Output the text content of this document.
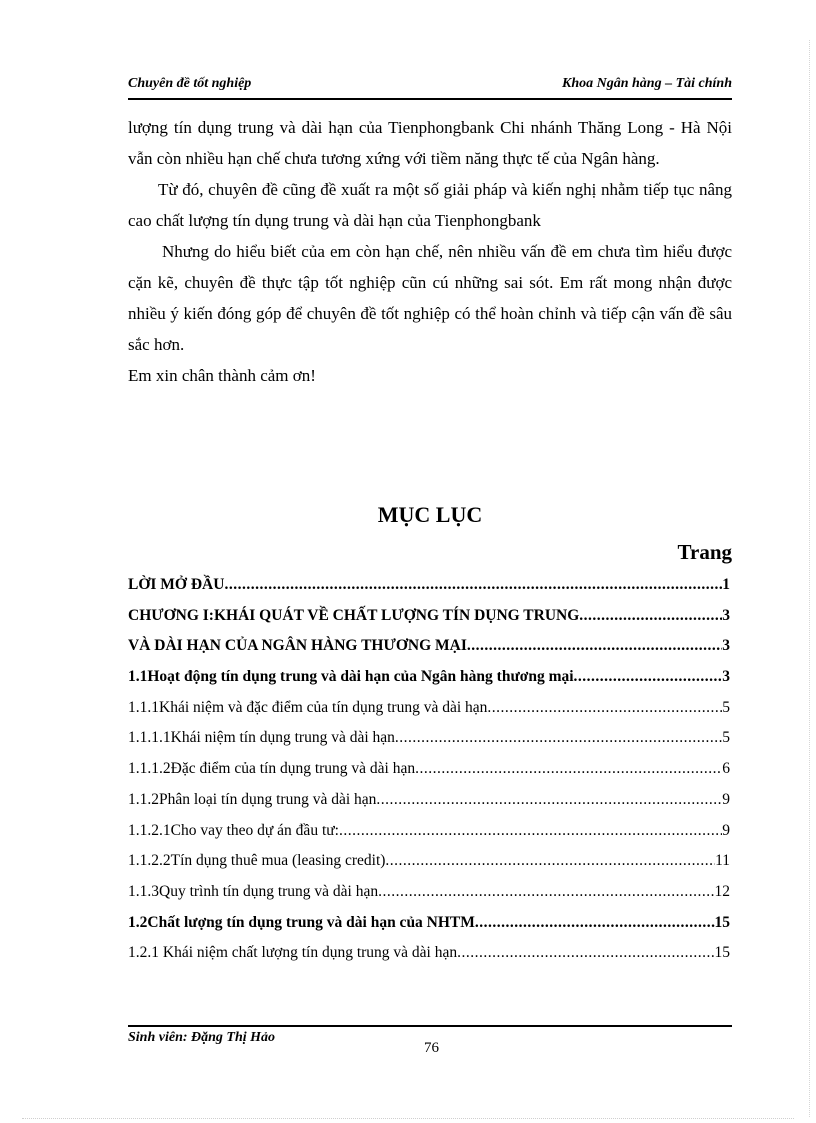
Chuyên đề tốt nghiệp	Khoa Ngân hàng – Tài chính

lượng tín dụng trung và dài hạn của Tienphongbank Chi nhánh Thăng Long - Hà Nội vẫn còn nhiều hạn chế chưa tương xứng với tiềm năng thực tế của Ngân hàng.

Từ đó, chuyên đề cũng đề xuất ra một số giải pháp và kiến nghị nhằm tiếp tục nâng cao chất lượng tín dụng trung và dài hạn của Tienphongbank

Nhưng do hiểu biết của em còn hạn chế, nên nhiều vấn đề em chưa tìm hiểu được cặn kẽ, chuyên đề thực tập tốt nghiệp cũn cú những sai sót. Em rất mong nhận được nhiều ý kiến đóng góp để chuyên đề tốt nghiệp có thể hoàn chỉnh và tiếp cận vấn đề sâu sắc hơn.

Em xin chân thành cảm ơn!

MỤC LỤC
Trang
LỜI MỞ ĐẦU .....	1
CHƯƠNG I:KHÁI QUÁT VỀ CHẤT LƯỢNG TÍN DỤNG TRUNG .....	3
VÀ DÀI HẠN CỦA NGÂN HÀNG THƯƠNG MẠI .....	3
1.1Hoạt động tín dụng trung và dài hạn của Ngân hàng thương mại .....	3
1.1.1Khái niệm và đặc điểm của tín dụng trung và dài hạn .....	5
1.1.1.1Khái niệm tín dụng trung và dài hạn .....	5
1.1.1.2Đặc điểm của tín dụng trung và dài hạn .....	6
1.1.2Phân loại tín dụng trung và dài hạn .....	9
1.1.2.1Cho vay theo dự án đầu tư: .....	9
1.1.2.2Tín dụng thuê mua (leasing credit) .....	11
1.1.3Quy trình tín dụng trung và dài hạn .....	12
1.2Chất lượng tín dụng trung và dài hạn của NHTM .....	15
1.2.1 Khái niệm chất lượng tín dụng trung và dài hạn .....	15
Sinh viên: Đặng Thị Hảo
76
